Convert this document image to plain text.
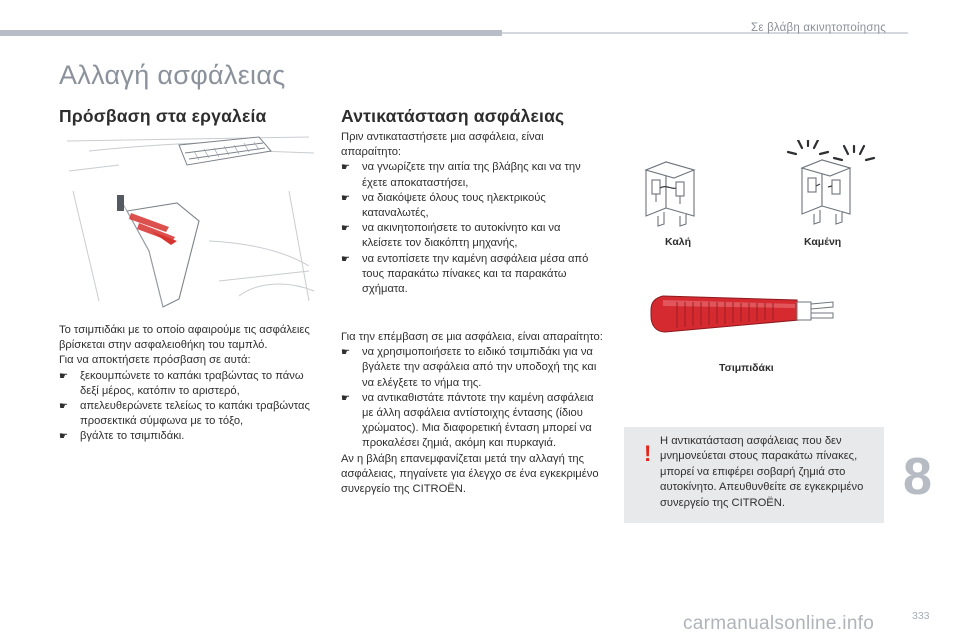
Σε βλάβη ακινητοποίησης
Αλλαγή ασφάλειας
Πρόσβαση στα εργαλεία	Αντικατάσταση ασφάλειας

Το τσιμπιδάκι με το οποίο αφαιρούμε τις ασφάλειες βρίσκεται στην ασφαλειοθήκη του ταμπλό.

Για να αποκτήσετε πρόσβαση σε αυτά:

☛	ξεκουμπώνετε το καπάκι τραβώντας το πάνω δεξί μέρος, κατόπιν το αριστερό,
☛	απελευθερώνετε τελείως το καπάκι τραβώντας προσεκτικά σύμφωνα με το τόξο,
☛	βγάλτε το τσιμπιδάκι.

Πριν αντικαταστήσετε μια ασφάλεια, είναι απαραίτητο:

☛	να γνωρίζετε την αιτία της βλάβης και να την έχετε αποκαταστήσει,
☛	να διακόψετε όλους τους ηλεκτρικούς καταναλωτές,
☛	να ακινητοποιήσετε το αυτοκίνητο και να κλείσετε τον διακόπτη μηχανής,
☛	να εντοπίσετε την καμένη ασφάλεια μέσα από τους παρακάτω πίνακες και τα παρακάτω σχήματα.

Για την επέμβαση σε μια ασφάλεια, είναι απαραίτητο:

☛	να χρησιμοποιήσετε το ειδικό τσιμπιδάκι για να βγάλετε την ασφάλεια από την υποδοχή της και να ελέγξετε το νήμα της.
☛	να αντικαθιστάτε πάντοτε την καμένη ασφάλεια με άλλη ασφάλεια αντίστοιχης έντασης (ίδιου χρώματος). Μια διαφορετική ένταση μπορεί να προκαλέσει ζημιά, ακόμη και πυρκαγιά.

Αν η βλάβη επανεμφανίζεται μετά την αλλαγή της ασφάλειας, πηγαίνετε για έλεγχο σε ένα εγκεκριμένο συνεργείο της CITROËN.

Καλή	Καμένη
Τσιμπιδάκι
! Η αντικατάσταση ασφάλειας που δεν μνημονεύεται στους παρακάτω πίνακες, μπορεί να επιφέρει σοβαρή ζημιά στο αυτοκίνητο. Απευθυνθείτε σε εγκεκριμένο συνεργείο της CITROËN.	8
333
carmanualsonline.info
